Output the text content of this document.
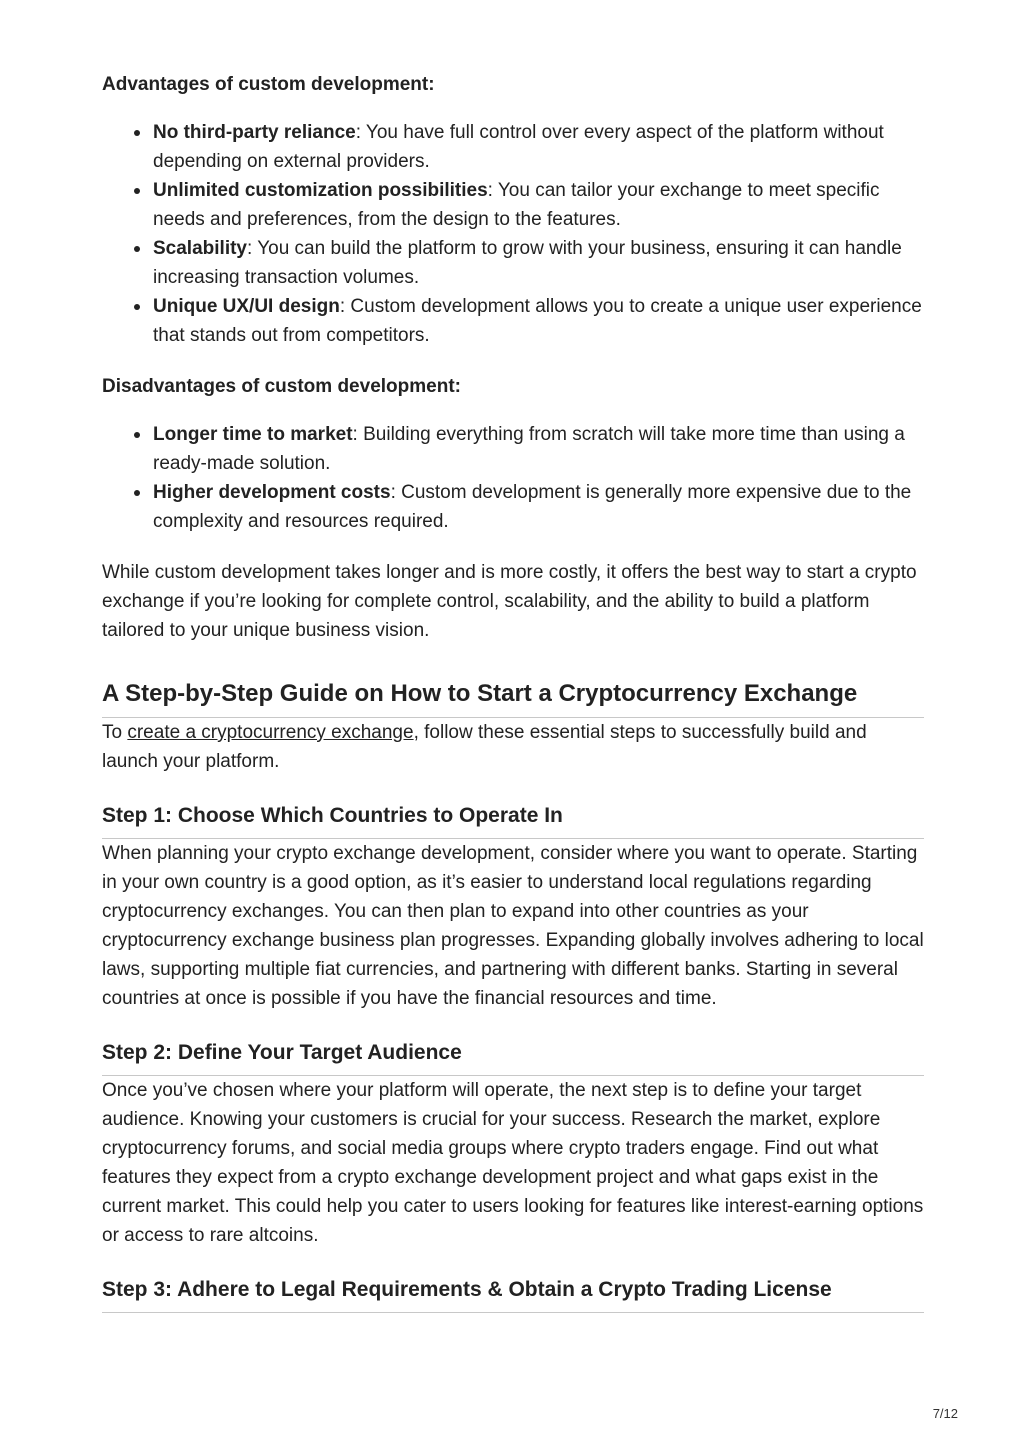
Advantages of custom development:

No third-party reliance: You have full control over every aspect of the platform without depending on external providers.
Unlimited customization possibilities: You can tailor your exchange to meet specific needs and preferences, from the design to the features.
Scalability: You can build the platform to grow with your business, ensuring it can handle increasing transaction volumes.
Unique UX/UI design: Custom development allows you to create a unique user experience that stands out from competitors.

Disadvantages of custom development:

Longer time to market: Building everything from scratch will take more time than using a ready-made solution.
Higher development costs: Custom development is generally more expensive due to the complexity and resources required.

While custom development takes longer and is more costly, it offers the best way to start a crypto exchange if you’re looking for complete control, scalability, and the ability to build a platform tailored to your unique business vision.

A Step-by-Step Guide on How to Start a Cryptocurrency Exchange

To create a cryptocurrency exchange, follow these essential steps to successfully build and launch your platform.

Step 1: Choose Which Countries to Operate In

When planning your crypto exchange development, consider where you want to operate. Starting in your own country is a good option, as it’s easier to understand local regulations regarding cryptocurrency exchanges. You can then plan to expand into other countries as your cryptocurrency exchange business plan progresses. Expanding globally involves adhering to local laws, supporting multiple fiat currencies, and partnering with different banks. Starting in several countries at once is possible if you have the financial resources and time.

Step 2: Define Your Target Audience

Once you’ve chosen where your platform will operate, the next step is to define your target audience. Knowing your customers is crucial for your success. Research the market, explore cryptocurrency forums, and social media groups where crypto traders engage. Find out what features they expect from a crypto exchange development project and what gaps exist in the current market. This could help you cater to users looking for features like interest-earning options or access to rare altcoins.

Step 3: Adhere to Legal Requirements & Obtain a Crypto Trading License
7/12
